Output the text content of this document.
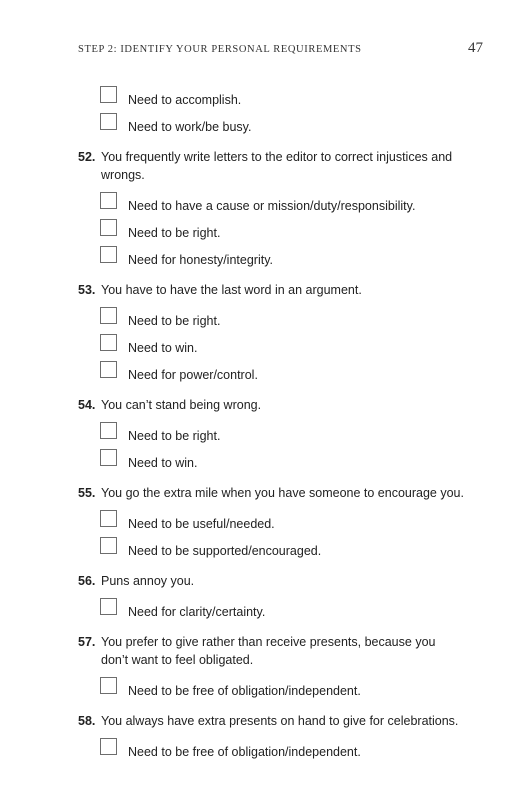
STEP 2: IDENTIFY YOUR PERSONAL REQUIREMENTS	47
Need to accomplish.
Need to work/be busy.
52. You frequently write letters to the editor to correct injustices and wrongs.
Need to have a cause or mission/duty/responsibility.
Need to be right.
Need for honesty/integrity.
53. You have to have the last word in an argument.
Need to be right.
Need to win.
Need for power/control.
54. You can’t stand being wrong.
Need to be right.
Need to win.
55. You go the extra mile when you have someone to encourage you.
Need to be useful/needed.
Need to be supported/encouraged.
56. Puns annoy you.
Need for clarity/certainty.
57. You prefer to give rather than receive presents, because you don’t want to feel obligated.
Need to be free of obligation/independent.
58. You always have extra presents on hand to give for celebrations.
Need to be free of obligation/independent.
